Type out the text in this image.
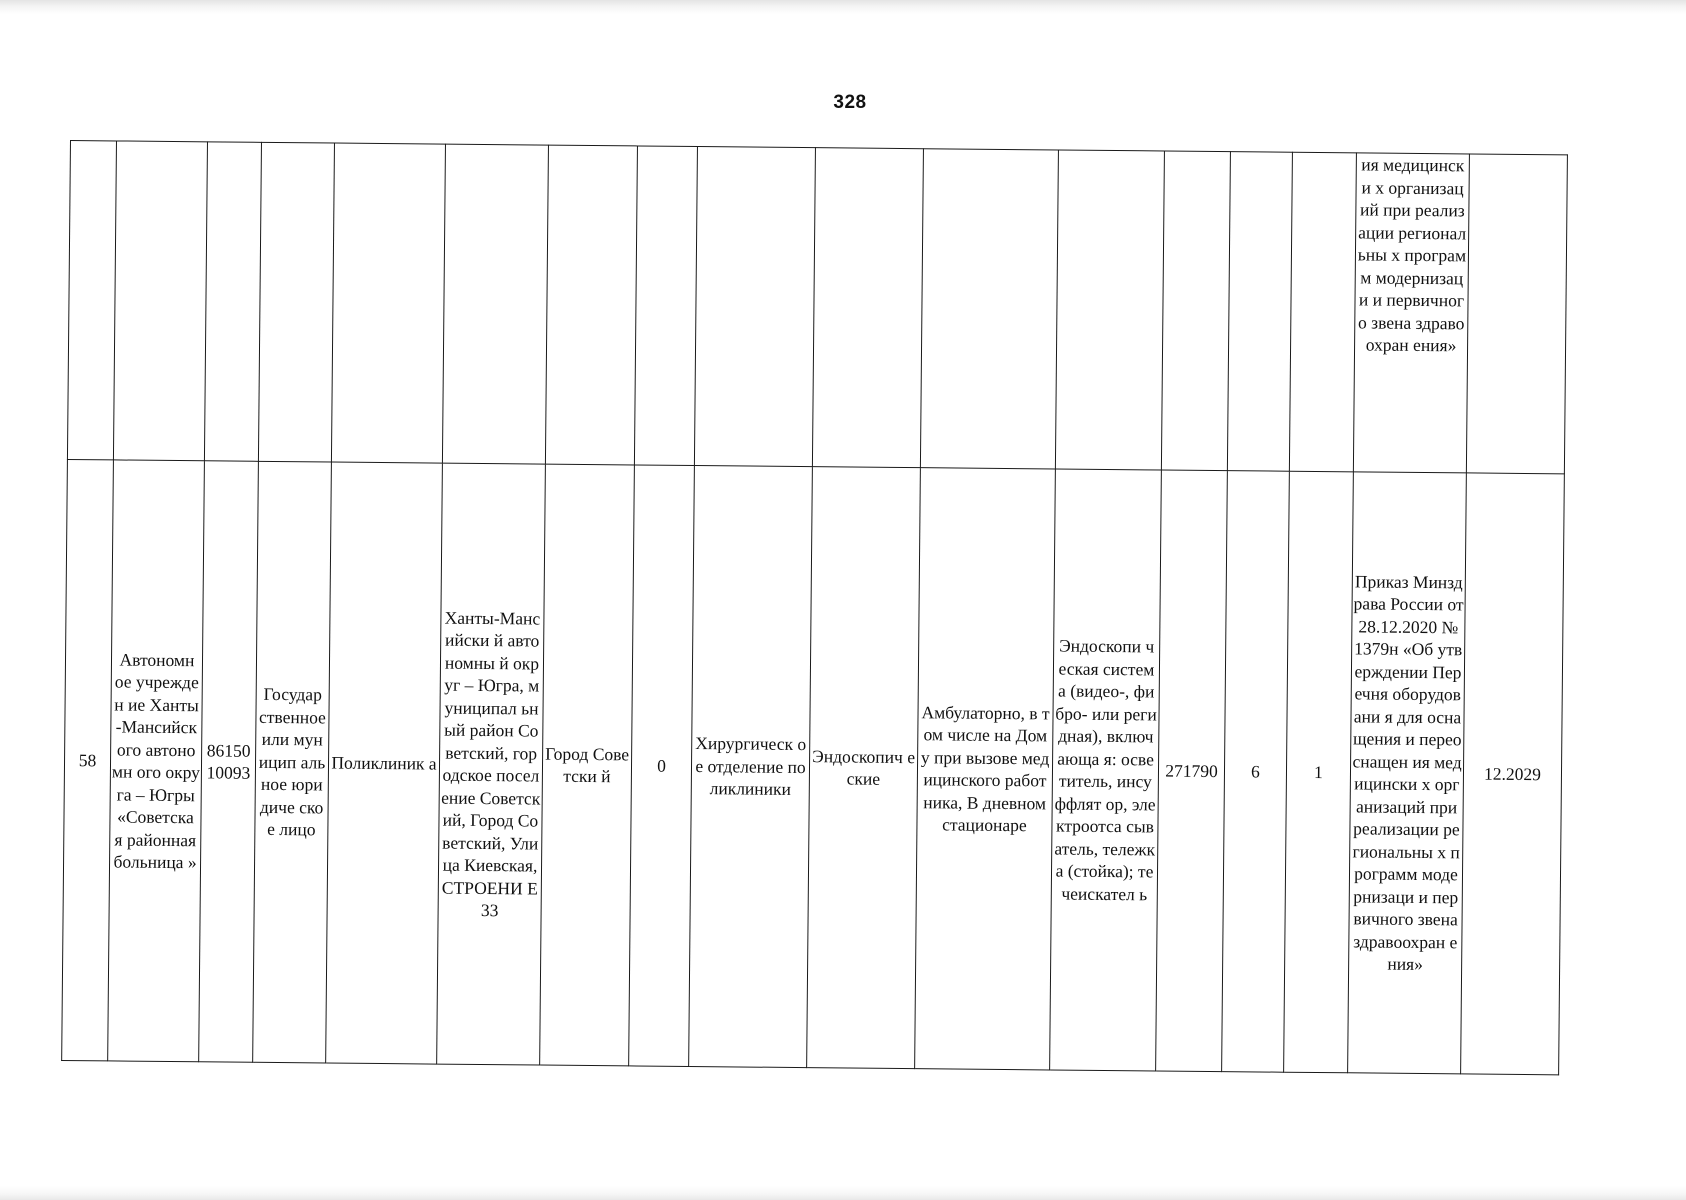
328
															ия медицински х организаций при реализации региональны х программ модернизаци и первичного звена здравоохран ения»	
58	Автономн ое учрежден ие Ханты-Мансийск ого автономн ого округа – Югры «Советска я районная больница »	86150 10093	Государ ственное или муницип альное юридиче ское лицо	Поликлиник а	Ханты-Мансийски й автономны й округ – Югра, муниципал ьный район Советский, городское поселение Советский, Город Советский, Улица Киевская, СТРОЕНИ Е 33	Город Советски й	0	Хирургическ ое отделение поликлиники	Эндоскопич еские	Амбулаторно, в том числе на Дому при вызове медицинского работника, В дневном стационаре	Эндоскопи ческая система (видео-, фибро- или регидная), включающа я: осветитель, инсуффлят ор, электроотса сыватель, тележка (стойка); течеискател ь	271790	6	1	Приказ Минздрава России от 28.12.2020 № 1379н «Об утверждении Перечня оборудовани я для оснащения и переоснащен ия медицински х организаций при реализации региональны х программ модернизаци и первичного звена здравоохран ения»	12.2029
